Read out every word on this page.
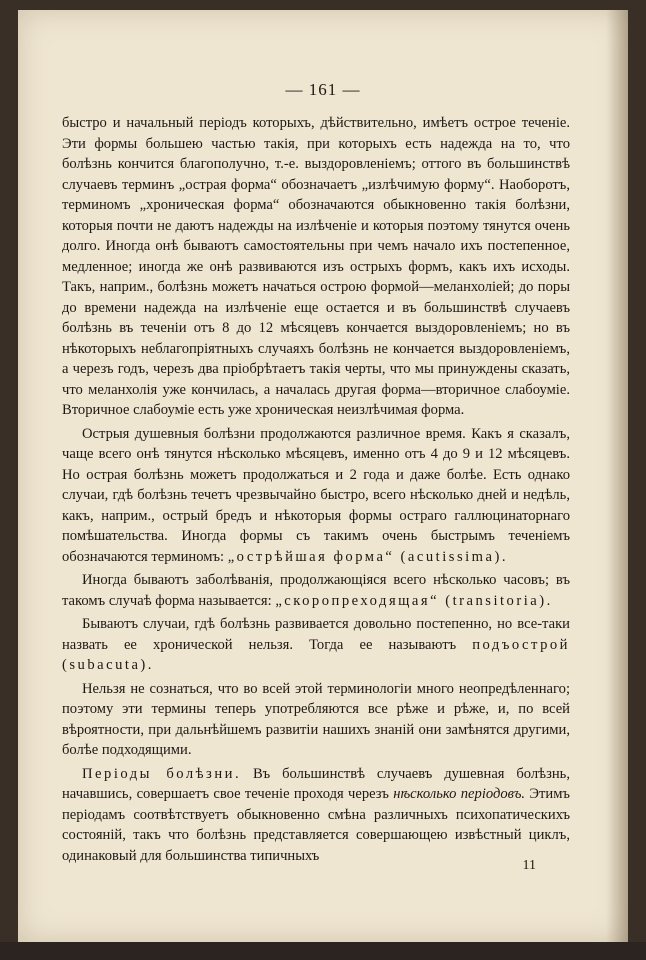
— 161 —

быстро и начальный періодъ которыхъ, дѣйствительно, имѣетъ острое теченіе. Эти формы большею частью такія, при которыхъ есть надежда на то, что болѣзнь кончится благополучно, т.-е. выздоровленіемъ; оттого въ большинствѣ случаевъ терминъ „острая форма“ обозначаетъ „излѣчимую форму“. Наоборотъ, терминомъ „хроническая форма“ обозначаются обыкновенно такія болѣзни, которыя почти не даютъ надежды на излѣченіе и которыя поэтому тянутся очень долго. Иногда онѣ бываютъ самостоятельны при чемъ начало ихъ постепенное, медленное; иногда же онѣ развиваются изъ острыхъ формъ, какъ ихъ исходы. Такъ, наприм., болѣзнь можетъ начаться острою формой—меланхоліей; до поры до времени надежда на излѣченіе еще остается и въ большинствѣ случаевъ болѣзнь въ теченіи отъ 8 до 12 мѣсяцевъ кончается выздоровленіемъ; но въ нѣкоторыхъ неблагопріятныхъ случаяхъ болѣзнь не кончается выздоровленіемъ, а черезъ годъ, черезъ два пріобрѣтаетъ такія черты, что мы принуждены сказать, что меланхолія уже кончилась, а началась другая форма—вторичное слабоуміе. Вторичное слабоуміе есть уже хроническая неизлѣчимая форма.

Острыя душевныя болѣзни продолжаются различное время. Какъ я сказалъ, чаще всего онѣ тянутся нѣсколько мѣсяцевъ, именно отъ 4 до 9 и 12 мѣсяцевъ. Но острая болѣзнь можетъ продолжаться и 2 года и даже болѣе. Есть однако случаи, гдѣ болѣзнь течетъ чрезвычайно быстро, всего нѣсколько дней и недѣль, какъ, наприм., острый бредъ и нѣкоторыя формы остраго галлюцинаторнаго помѣшательства. Иногда формы съ такимъ очень быстрымъ теченіемъ обозначаются терминомъ: „острѣйшая форма“ (acutissima).

Иногда бываютъ заболѣванія, продолжающіяся всего нѣсколько часовъ; въ такомъ случаѣ форма называется: „скоропреходящая“ (transitoria).

Бываютъ случаи, гдѣ болѣзнь развивается довольно постепенно, но все-таки назвать ее хронической нельзя. Тогда ее называютъ подъострой (subacuta).

Нельзя не сознаться, что во всей этой терминологіи много неопредѣленнаго; поэтому эти термины теперь употребляются все рѣже и рѣже, и, по всей вѣроятности, при дальнѣйшемъ развитіи нашихъ знаній они замѣнятся другими, болѣе подходящими.

Періоды болѣзни. Въ большинствѣ случаевъ душевная болѣзнь, начавшись, совершаетъ свое теченіе проходя черезъ нѣсколько періодовъ. Этимъ періодамъ соотвѣтствуетъ обыкновенно смѣна различныхъ психопатическихъ состояній, такъ что болѣзнь представляется совершающею извѣстный циклъ, одинаковый для большинства типичныхъ

11
